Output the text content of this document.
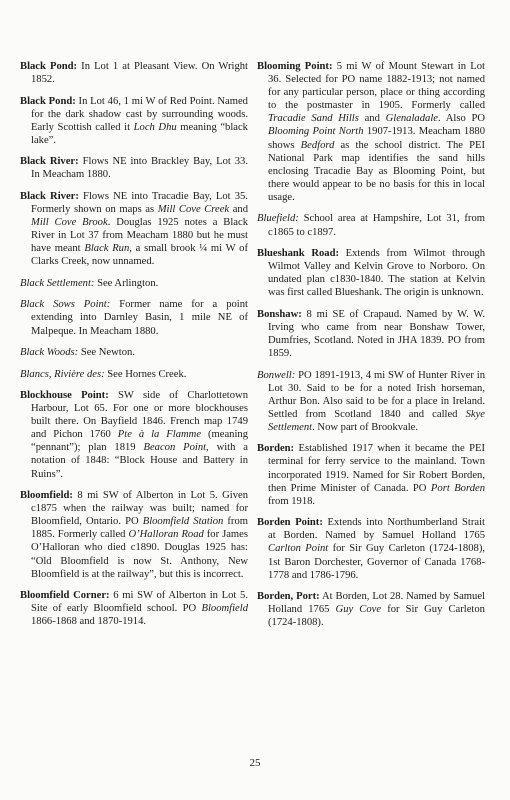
Black Pond: In Lot 1 at Pleasant View. On Wright 1852.

Black Pond: In Lot 46, 1 mi W of Red Point. Named for the dark shadow cast by surrounding woods. Early Scottish called it Loch Dhu meaning “black lake”.

Black River: Flows NE into Brackley Bay, Lot 33. In Meacham 1880.

Black River: Flows NE into Tracadie Bay, Lot 35. Formerly shown on maps as Mill Cove Creek and Mill Cove Brook. Douglas 1925 notes a Black River in Lot 37 from Meacham 1880 but he must have meant Black Run, a small brook ¼ mi W of Clarks Creek, now unnamed.

Black Settlement: See Arlington.

Black Sows Point: Former name for a point extending into Darnley Basin, 1 mile NE of Malpeque. In Meacham 1880.

Black Woods: See Newton.

Blancs, Rivière des: See Hornes Creek.

Blockhouse Point: SW side of Charlottetown Harbour, Lot 65. For one or more blockhouses built there. On Bayfield 1846. French map 1749 and Pichon 1760 Pte à la Flamme (meaning “pennant”); plan 1819 Beacon Point, with a notation of 1848: “Block House and Battery in Ruins”.

Bloomfield: 8 mi SW of Alberton in Lot 5. Given c1875 when the railway was built; named for Bloomfield, Ontario. PO Bloomfield Station from 1885. Formerly called O’Halloran Road for James O’Halloran who died c1890. Douglas 1925 has: “Old Bloomfield is now St. Anthony, New Bloomfield is at the railway”, but this is incorrect.

Bloomfield Corner: 6 mi SW of Alberton in Lot 5. Site of early Bloomfield school. PO Bloomfield 1866-1868 and 1870-1914.

Blooming Point: 5 mi W of Mount Stewart in Lot 36. Selected for PO name 1882-1913; not named for any particular person, place or thing according to the postmaster in 1905. Formerly called Tracadie Sand Hills and Glenaladale. Also PO Blooming Point North 1907-1913. Meacham 1880 shows Bedford as the school district. The PEI National Park map identifies the sand hills enclosing Tracadie Bay as Blooming Point, but there would appear to be no basis for this in local usage.

Bluefield: School area at Hampshire, Lot 31, from c1865 to c1897.

Blueshank Road: Extends from Wilmot through Wilmot Valley and Kelvin Grove to Norboro. On undated plan c1830-1840. The station at Kelvin was first called Blueshank. The origin is unknown.

Bonshaw: 8 mi SE of Crapaud. Named by W. W. Irving who came from near Bonshaw Tower, Dumfries, Scotland. Noted in JHA 1839. PO from 1859.

Bonwell: PO 1891-1913, 4 mi SW of Hunter River in Lot 30. Said to be for a noted Irish horseman, Arthur Bon. Also said to be for a place in Ireland. Settled from Scotland 1840 and called Skye Settlement. Now part of Brookvale.

Borden: Established 1917 when it became the PEI terminal for ferry service to the mainland. Town incorporated 1919. Named for Sir Robert Borden, then Prime Minister of Canada. PO Port Borden from 1918.

Borden Point: Extends into Northumberland Strait at Borden. Named by Samuel Holland 1765 Carlton Point for Sir Guy Carleton (1724-1808), 1st Baron Dorchester, Governor of Canada 1768-1778 and 1786-1796.

Borden, Port: At Borden, Lot 28. Named by Samuel Holland 1765 Guy Cove for Sir Guy Carleton (1724-1808).

25
